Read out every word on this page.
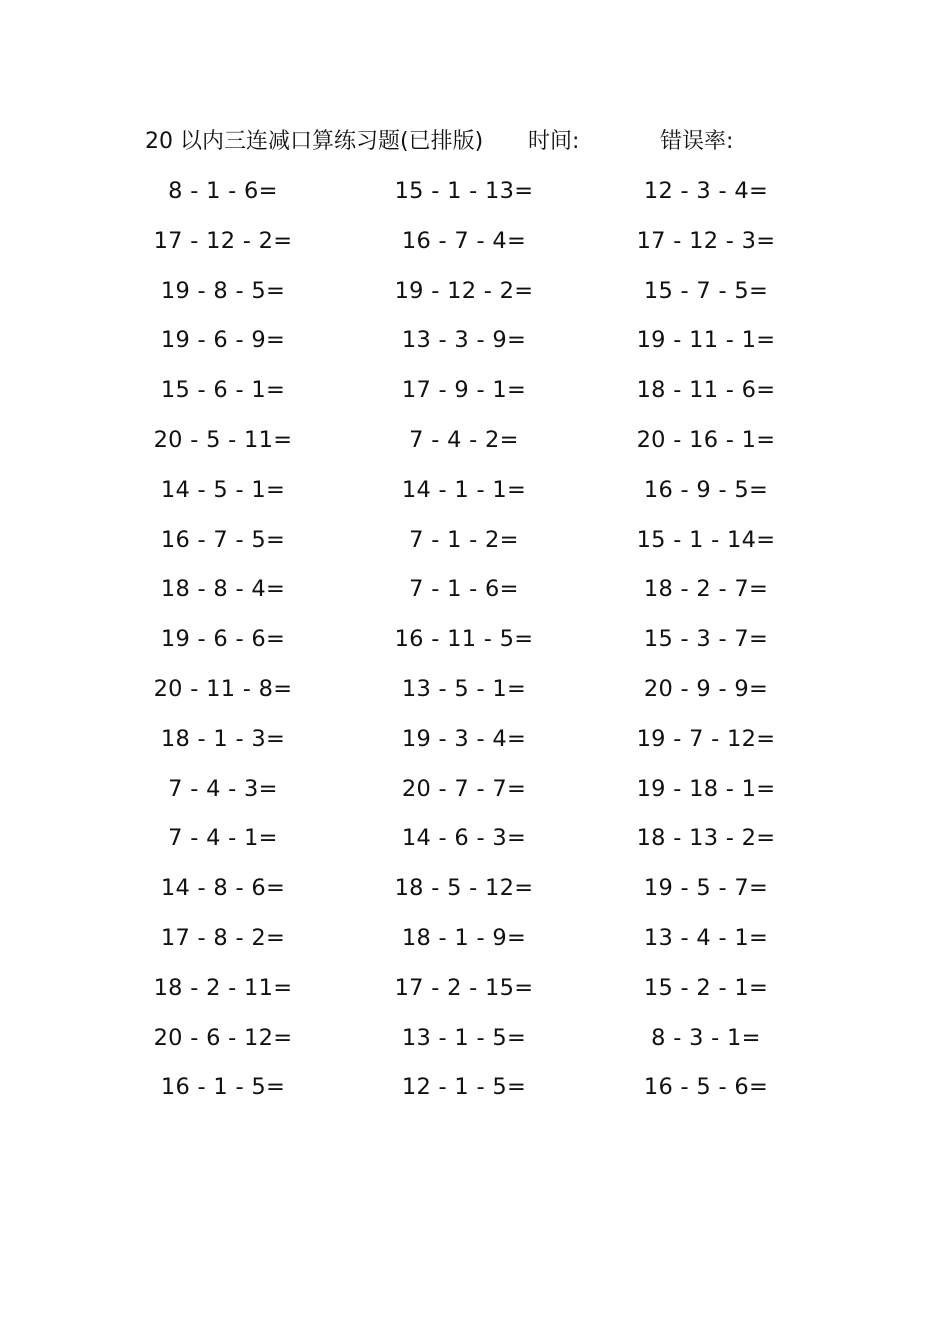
20 以内三连减口算练习题(已排版) 时间:	错误率:
8 - 1 - 6=	15 - 1 - 13=	12 - 3 - 4=
17 - 12 - 2=	16 - 7 - 4=	17 - 12 - 3=
19 - 8 - 5=	19 - 12 - 2=	15 - 7 - 5=
19 - 6 - 9=	13 - 3 - 9=	19 - 11 - 1=
15 - 6 - 1=	17 - 9 - 1=	18 - 11 - 6=
20 - 5 - 11=	7 - 4 - 2=	20 - 16 - 1=
14 - 5 - 1=	14 - 1 - 1=	16 - 9 - 5=
16 - 7 - 5=	7 - 1 - 2=	15 - 1 - 14=
18 - 8 - 4=	7 - 1 - 6=	18 - 2 - 7=
19 - 6 - 6=	16 - 11 - 5=	15 - 3 - 7=
20 - 11 - 8=	13 - 5 - 1=	20 - 9 - 9=
18 - 1 - 3=	19 - 3 - 4=	19 - 7 - 12=
7 - 4 - 3=	20 - 7 - 7=	19 - 18 - 1=
7 - 4 - 1=	14 - 6 - 3=	18 - 13 - 2=
14 - 8 - 6=	18 - 5 - 12=	19 - 5 - 7=
17 - 8 - 2=	18 - 1 - 9=	13 - 4 - 1=
18 - 2 - 11=	17 - 2 - 15=	15 - 2 - 1=
20 - 6 - 12=	13 - 1 - 5=	8 - 3 - 1=
16 - 1 - 5=	12 - 1 - 5=	16 - 5 - 6=
